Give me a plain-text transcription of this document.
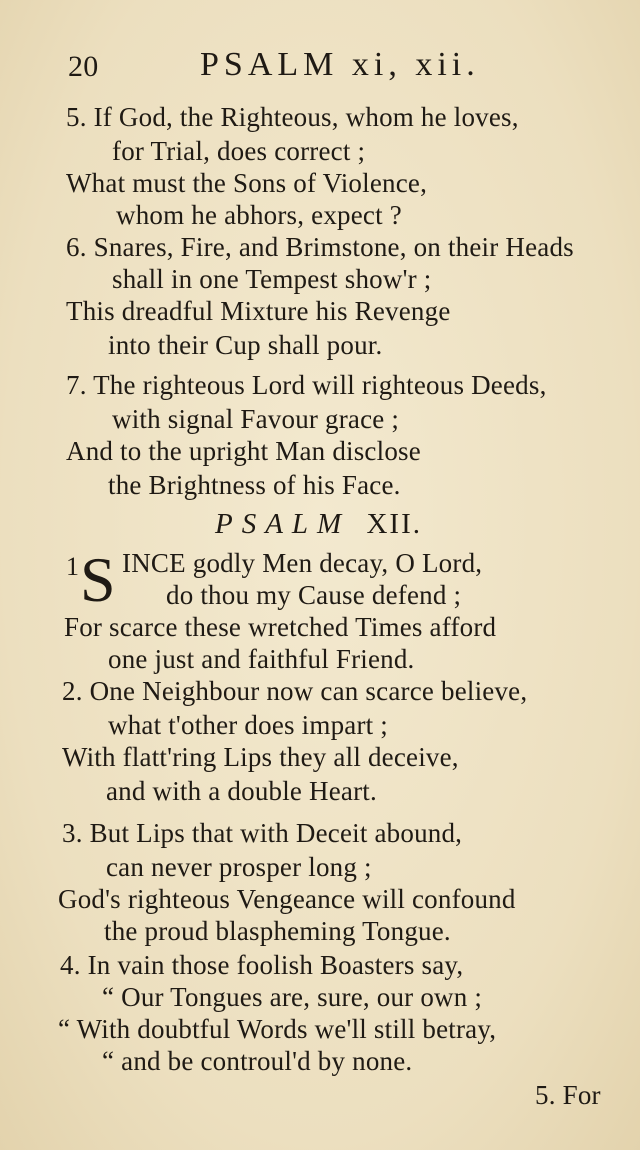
20	PSALM xi, xii.
5. If God, the Righteous, whom he loves,
for Trial, does correct ;
What must the Sons of Violence,
whom he abhors, expect ?
6. Snares, Fire, and Brimstone, on their Heads
shall in one Tempest show'r ;
This dreadful Mixture his Revenge
into their Cup shall pour.
7. The righteous Lord will righteous Deeds,
with signal Favour grace ;
And to the upright Man disclose
the Brightness of his Face.
PSALM XII.
1 S INCE godly Men decay, O Lord,
do thou my Cause defend ;
For scarce these wretched Times afford
one just and faithful Friend.
2. One Neighbour now can scarce believe,
what t'other does impart ;
With flatt'ring Lips they all deceive,
and with a double Heart.
3. But Lips that with Deceit abound,
can never prosper long ;
God's righteous Vengeance will confound
the proud blaspheming Tongue.
4. In vain those foolish Boasters say,
“ Our Tongues are, sure, our own ;
“ With doubtful Words we'll still betray,
“ and be controul'd by none.
5. For
